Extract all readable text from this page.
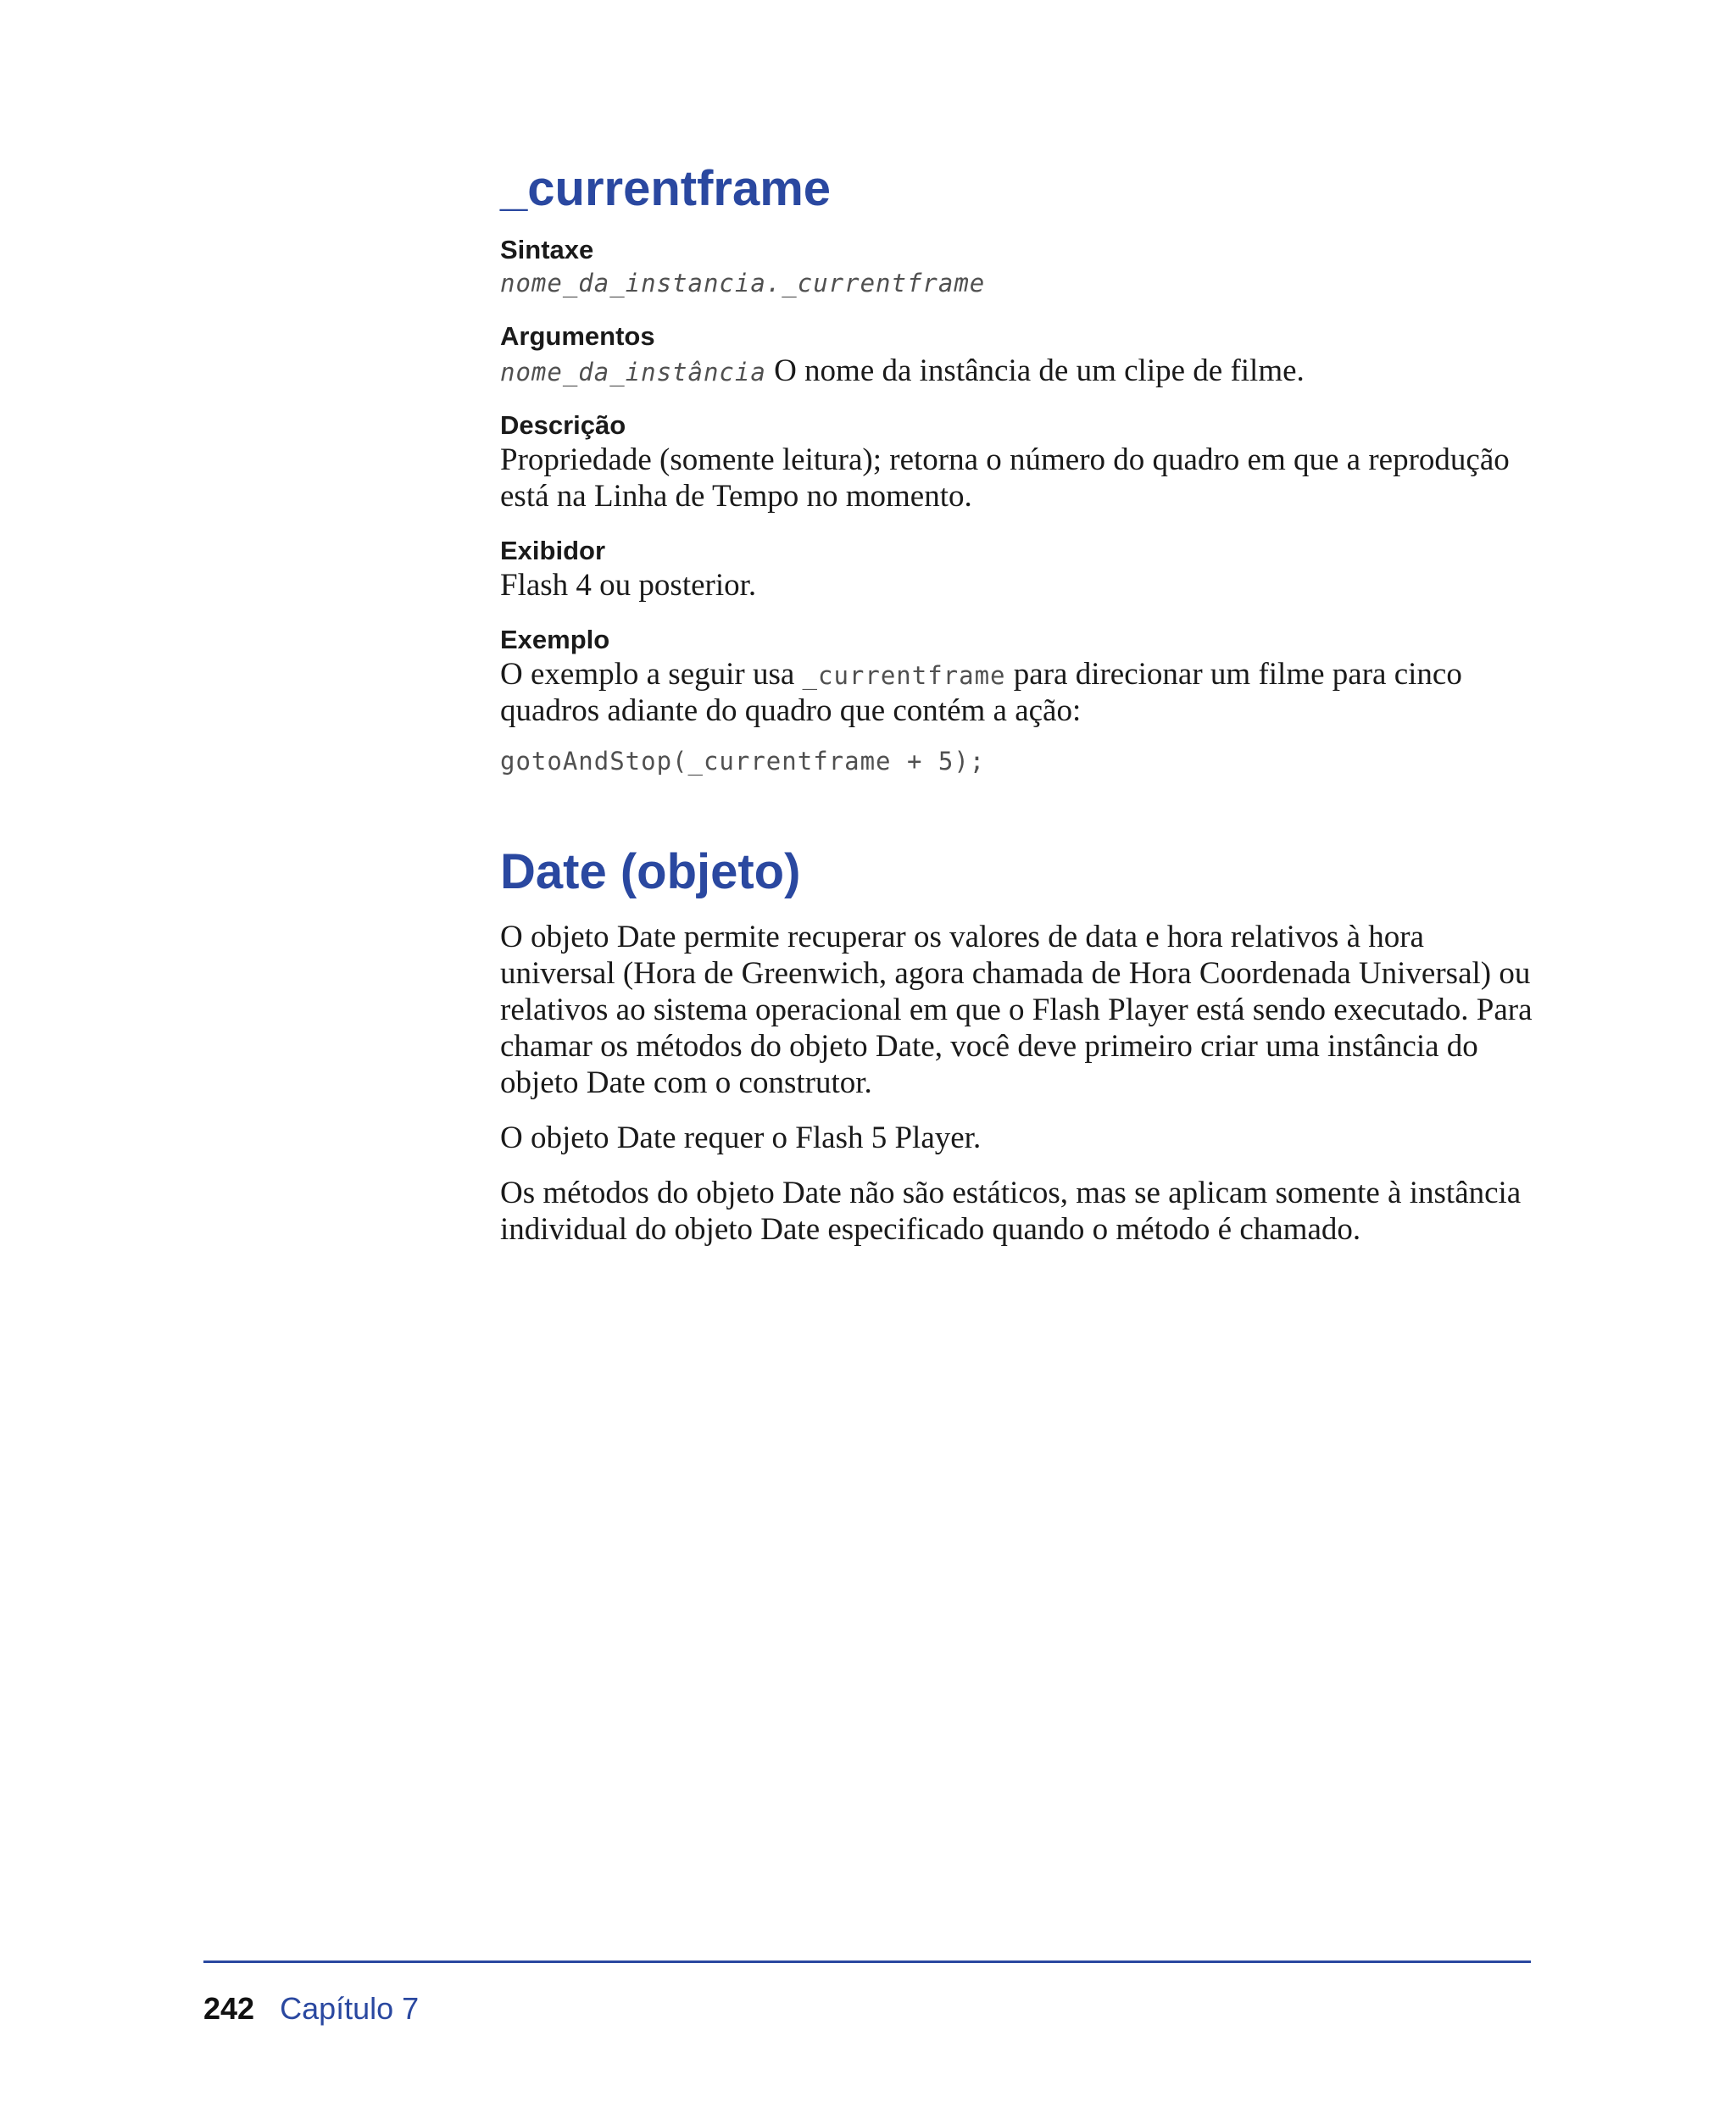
_currentframe
Sintaxe
nome_da_instancia._currentframe
Argumentos

nome_da_instância O nome da instância de um clipe de filme.

Descrição

Propriedade (somente leitura); retorna o número do quadro em que a reprodução está na Linha de Tempo no momento.

Exibidor

Flash 4 ou posterior.

Exemplo

O exemplo a seguir usa _currentframe para direcionar um filme para cinco quadros adiante do quadro que contém a ação:

gotoAndStop(_currentframe + 5);
Date (objeto)

O objeto Date permite recuperar os valores de data e hora relativos à hora universal (Hora de Greenwich, agora chamada de Hora Coordenada Universal) ou relativos ao sistema operacional em que o Flash Player está sendo executado. Para chamar os métodos do objeto Date, você deve primeiro criar uma instância do objeto Date com o construtor.

O objeto Date requer o Flash 5 Player.

Os métodos do objeto Date não são estáticos, mas se aplicam somente à instância individual do objeto Date especificado quando o método é chamado.

242 Capítulo 7
